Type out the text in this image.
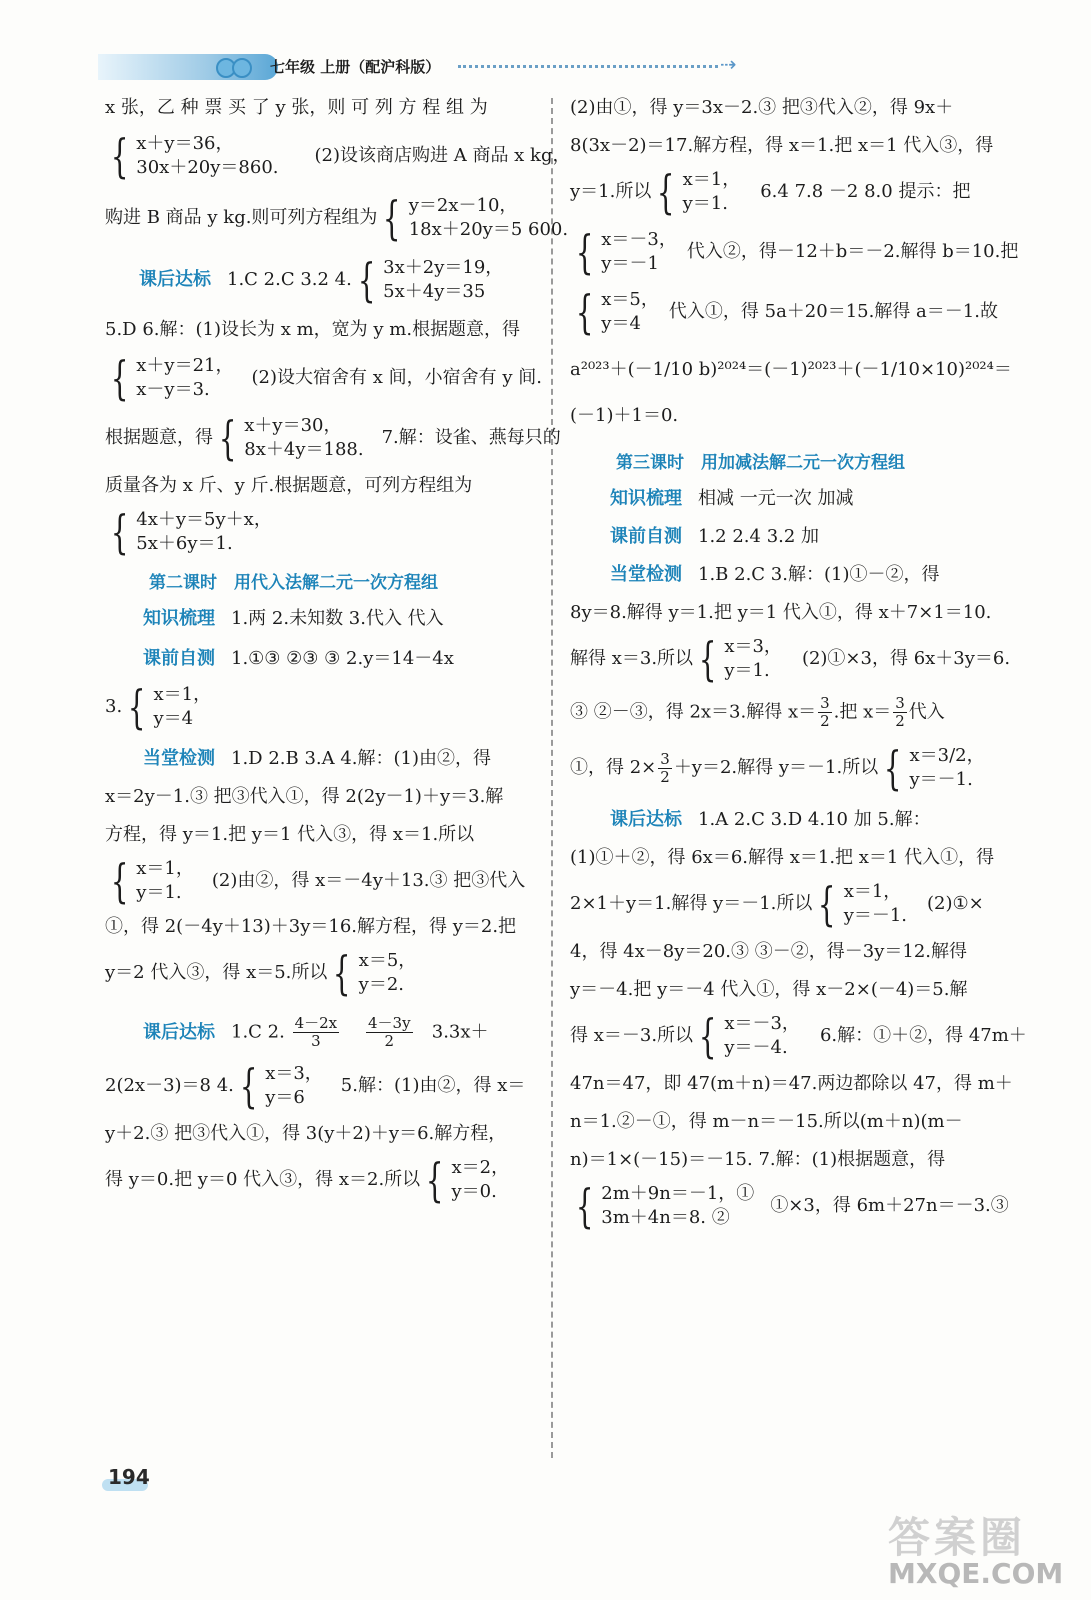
七年级 上册（配沪科版）	⇢
x 张，乙 种 票 买 了 y 张，则 可 列 方 程 组 为
{ x＋y＝36，
30x＋20y＝860.
(2)设该商店购进 A 商品 x kg，
购进 B 商品 y kg.则可列方程组为 { y＝2x－10，
18x＋20y＝5 600.
课后达标 1.C 2.C 3.2 4. { 3x＋2y＝19，
5x＋4y＝35
5.D 6.解：(1)设长为 x m，宽为 y m.根据题意，得
{ x＋y＝21，
x－y＝3.
(2)设大宿舍有 x 间，小宿舍有 y 间.
根据题意，得 { x＋y＝30，
8x＋4y＝188.
7.解：设雀、燕每只的
质量各为 x 斤、y 斤.根据题意，可列方程组为
{ 4x＋y＝5y＋x，
5x＋6y＝1.
第二课时　用代入法解二元一次方程组
知识梳理 1.两 2.未知数 3.代入 代入
课前自测 1.①③ ②③ ③ 2.y＝14－4x
3. { x＝1，
y＝4
当堂检测 1.D 2.B 3.A 4.解：(1)由②，得
x＝2y－1.③ 把③代入①，得 2(2y－1)＋y＝3.解
方程，得 y＝1.把 y＝1 代入③，得 x＝1.所以
{ x＝1，
y＝1.
(2)由②，得 x＝－4y＋13.③ 把③代入
①，得 2(－4y＋13)＋3y＝16.解方程，得 y＝2.把
y＝2 代入③，得 x＝5.所以 { x＝5，
y＝2.
课后达标 1.C 2. $\frac{4-2x}{3}$
$\frac{4-3y}{2} 3.3x+$
2(2x－3)＝8 4. { x＝3，
y＝6
5.解：(1)由②，得 x＝
y＋2.③ 把③代入①，得 3(y＋2)＋y＝6.解方程，
得 y＝0.把 y＝0 代入③，得 x＝2.所以 { x＝2，
y＝0.
(2)由①，得 y＝3x－2.③ 把③代入②，得 9x＋
8(3x－2)＝17.解方程，得 x＝1.把 x＝1 代入③，得
y＝1.所以 { x＝1，
y＝1.
6.4 7.8 －2 8.0 提示：把
{ x＝－3，
y＝－1
代入②，得－12＋b＝－2.解得 b＝10.把
{ x＝5，
y＝4
代入①，得 5a＋20＝15.解得 a＝－1.故
a²⁰²³＋(－1/10 b)²⁰²⁴＝(－1)²⁰²³＋(－1/10×10)²⁰²⁴＝
(－1)＋1＝0.
第三课时　用加减法解二元一次方程组
知识梳理 相减 一元一次 加减
课前自测 1.2 2.4 3.2 加
当堂检测 1.B 2.C 3.解：(1)①－②，得
8y＝8.解得 y＝1.把 y＝1 代入①，得 x＋7×1＝10.
解得 x＝3.所以 { x＝3，
y＝1.
(2)①×3，得 6x＋3y＝6.
③ ②－③，得 2x＝3.解得 $x= \frac{3}{2}$ .把 $x= \frac{3}{2}$ 代入
①，得 $2\times \frac{3}{2} +y=2$.解得 y＝－1.所以 { x＝3/2，
y＝－1.
课后达标 1.A 2.C 3.D 4.10 加 5.解：
(1)①＋②，得 6x＝6.解得 x＝1.把 x＝1 代入①，得
2×1＋y＝1.解得 y＝－1.所以 { x＝1，
y＝－1.
(2)①×
4，得 4x－8y＝20.③ ③－②，得－3y＝12.解得
y＝－4.把 y＝－4 代入①，得 x－2×(－4)＝5.解
得 x＝－3.所以 { x＝－3，
y＝－4.
6.解：①＋②，得 47m＋
47n＝47，即 47(m＋n)＝47.两边都除以 47，得 m＋
n＝1.②－①，得 m－n＝－15.所以(m＋n)(m－
n)＝1×(－15)＝－15. 7.解：(1)根据题意，得
{ 2m＋9n＝－1，①
3m＋4n＝8. ②
①×3，得 6m＋27n＝－3.③
194
答案圈
MXQE.COM
